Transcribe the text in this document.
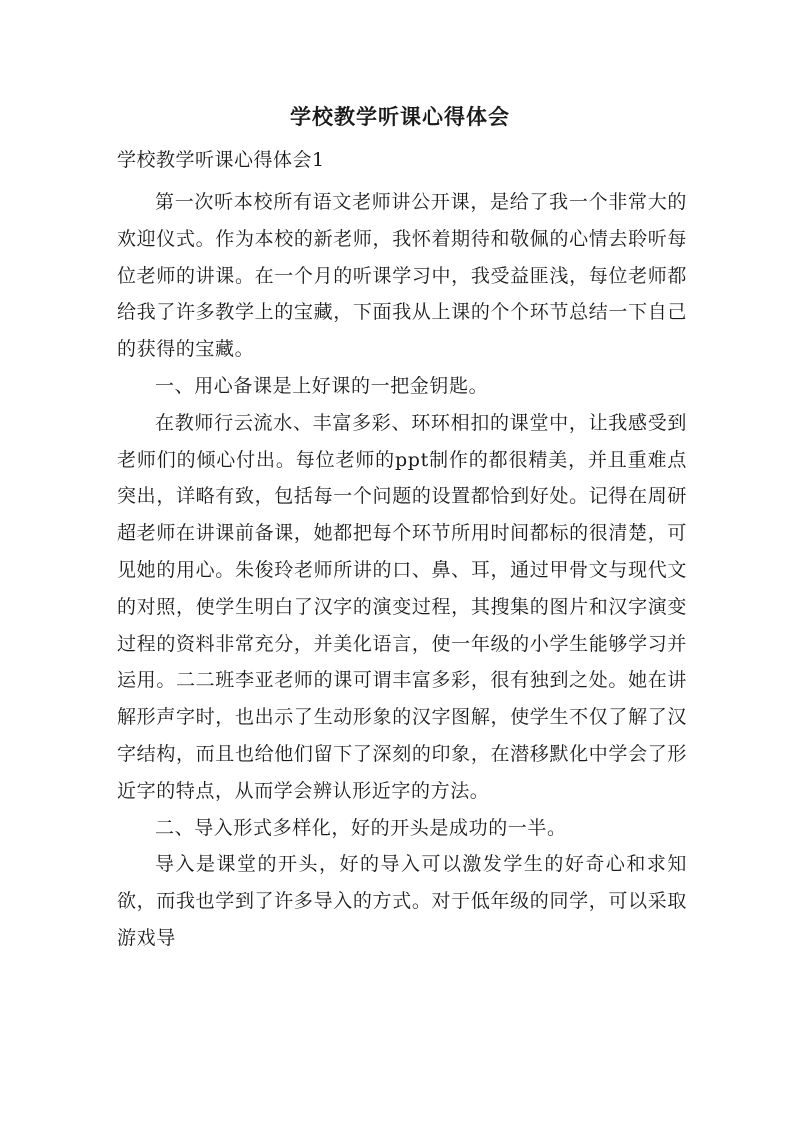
学校教学听课心得体会
学校教学听课心得体会1

第一次听本校所有语文老师讲公开课，是给了我一个非常大的欢迎仪式。作为本校的新老师，我怀着期待和敬佩的心情去聆听每位老师的讲课。在一个月的听课学习中，我受益匪浅，每位老师都给我了许多教学上的宝藏，下面我从上课的个个环节总结一下自己的获得的宝藏。

一、用心备课是上好课的一把金钥匙。

在教师行云流水、丰富多彩、环环相扣的课堂中，让我感受到老师们的倾心付出。每位老师的ppt制作的都很精美，并且重难点突出，详略有致，包括每一个问题的设置都恰到好处。记得在周研超老师在讲课前备课，她都把每个环节所用时间都标的很清楚，可见她的用心。朱俊玲老师所讲的口、鼻、耳，通过甲骨文与现代文的对照，使学生明白了汉字的演变过程，其搜集的图片和汉字演变过程的资料非常充分，并美化语言，使一年级的小学生能够学习并运用。二二班李亚老师的课可谓丰富多彩，很有独到之处。她在讲解形声字时，也出示了生动形象的汉字图解，使学生不仅了解了汉字结构，而且也给他们留下了深刻的印象，在潜移默化中学会了形近字的特点，从而学会辨认形近字的方法。

二、导入形式多样化，好的开头是成功的一半。

导入是课堂的开头，好的导入可以激发学生的好奇心和求知欲，而我也学到了许多导入的方式。对于低年级的同学，可以采取游戏导
